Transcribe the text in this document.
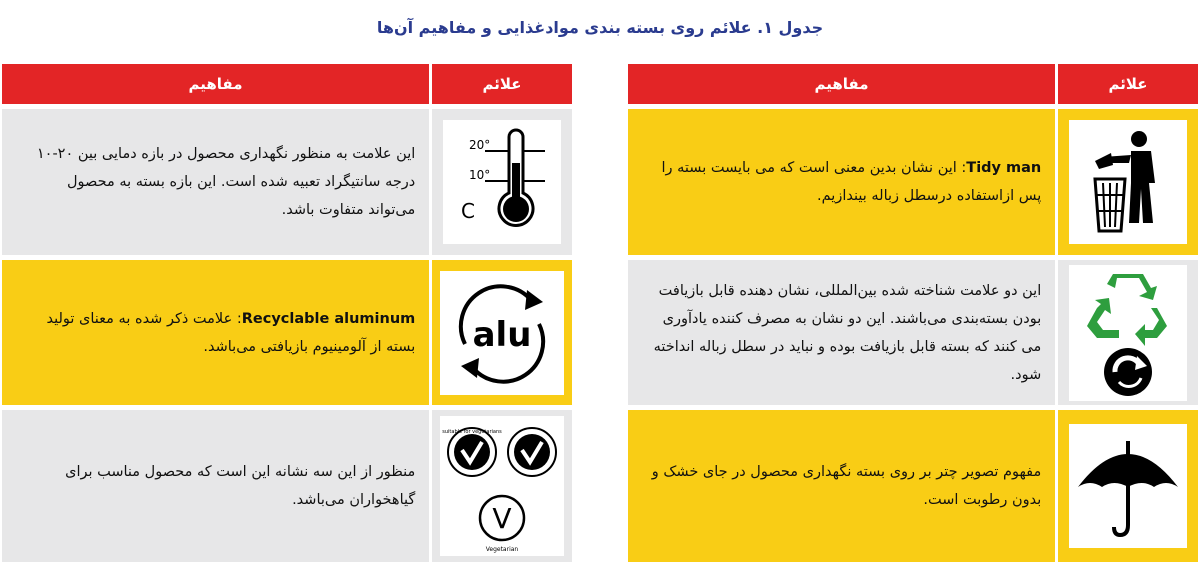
جدول ۱. علائم روی بسته بندی موادغذایی و مفاهیم آن‌ها
مفاهیم	علائم
این علامت به منظور نگهداری محصول در بازه دمایی بین ۲۰-۱۰ درجه سانتیگراد تعبیه شده است. این بازه بسته به محصول می‌تواند متفاوت باشد.
20°
10°
C
Recyclable aluminum: علامت ذکر شده به معنای تولید بسته از آلومینیوم بازیافتی می‌باشد. alu
منظور از این سه نشانه این است که محصول مناسب برای گیاهخواران می‌باشد.
suitable for vegetarians
V
Vegetarian
مفاهیم	علائم
Tidy man: این نشان بدین معنی است که می بایست بسته را پس ازاستفاده درسطل زباله بیندازیم.
این دو علامت شناخته شده بین‌المللی، نشان دهنده قابل بازیافت بودن بسته‌بندی می‌باشند. این دو نشان به مصرف کننده یادآوری می کنند که بسته قابل بازیافت بوده و نباید در سطل زباله انداخته شود.
مفهوم تصویر چتر بر روی بسته نگهداری محصول در جای خشک و بدون رطوبت است.
